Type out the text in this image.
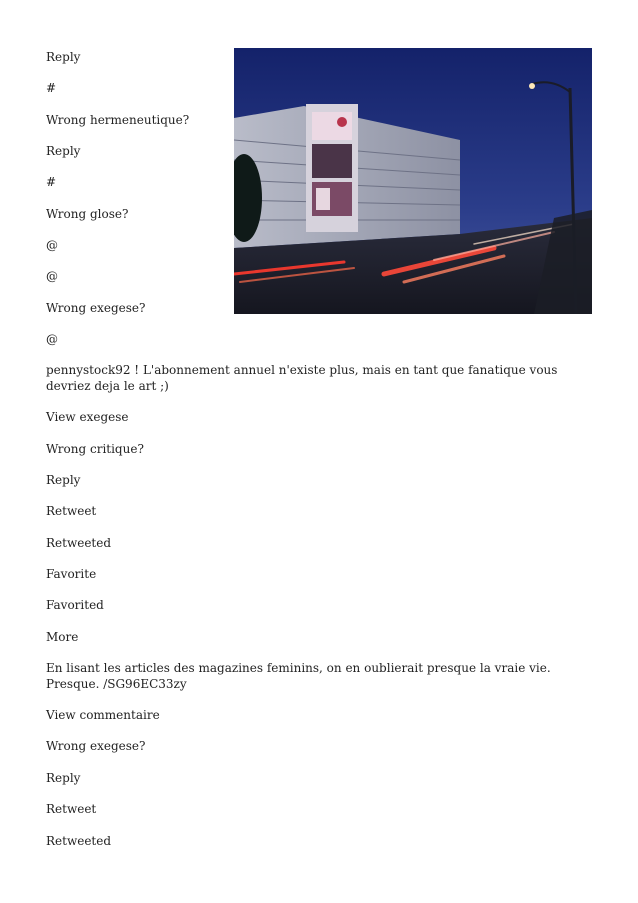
Reply
#
Wrong hermeneutique?
Reply
#
Wrong glose?
@
@
Wrong exegese?
@
pennystock92 ! L'abonnement annuel n'existe plus, mais en tant que fanatique vous devriez deja le art ;)
View exegese
Wrong critique?
Reply
Retweet
Retweeted
Favorite
Favorited
More
En lisant les articles des magazines feminins, on en oublierait presque la vraie vie. Presque. /SG96EC33zy
View commentaire
Wrong exegese?
Reply
Retweet
Retweeted
